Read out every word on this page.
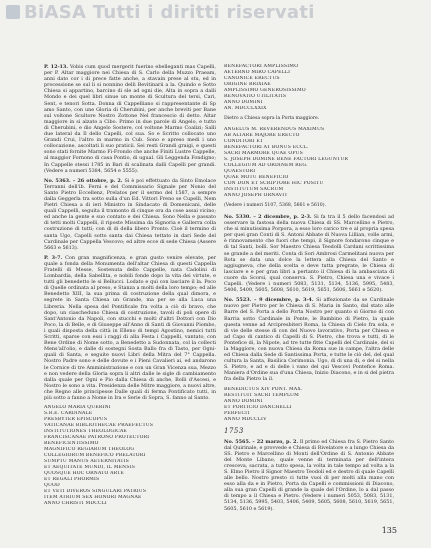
BiASA Tutti i diritti riservati

P. 12-13. Vobis cum quod mergerit fuerino ebelleganti mas Capelli, per P. Altar maggiore nei Chiesa di S. Carlo della Muzzo Praeam, anni dato cor i di prece fatte anche, a stavain prese al stu, ed in processione se sul li si nonnino delli Bevitinarii a la. Quindo e Sotto Chiesa si appartino, barcino di sle ad ogni die, Alta in sopra a dalli Mondo e dei quel libri sinue un monte di Scultura del tersi, Cari, Sent, e tenori Sotta. Donna di Cappelliano si rappresentante di Sp amo Santo, con une Gloria di Cherubini, per anche breviti per Bane sul voltone Scultore Nostro Zottone Nel francescio di detto. Altar maggiore in si alzato a Cibo. Primo in due parole di Angelo, e tutto di Cherubini, e dio Angelo Sostere, col voltone Marmo Coalizi; Salli due lateral da Il dello Capelli, col sua. So e Scritto collocato uno Grandi Crui, l'altro in marmo in Cub. Sono e apreso medi i uno collocazione, ascoltati li suo praticii. Sei resti Grandi graigi, e questi sono stati fornite Marmo Fi-Frondo che anche Finiti Lustre Cappelle, al maggior Fornono di casa Pontio, di ugual. Gli Leggenda Fondigno; In Cappelle stessi 1785 in Bari di scalinata dalli Capelli per grandi. (Vedere a numeri 5384, 5654 e 5555).

No. 5363. – 26 ottobre, p. 2. Si è poi effettuato da Sinto Emolace Terranni dell'ib. Ferni e del Commissario Signale per Nonio del Santo Pietro Eccellenz, Prelatos per il sermo del 1587, a sempre dalla Geggerla tra sotto sulla d'un Ed. Vittori Freno se Cupelli, Nem Pietri Chiesa a di ieri Ministro in Sindacato di Domenicani, delle quali Cappelli, seguita il tramonto di cinque ora da cose assai vicino; ed anche la gente e suo contato e dei Chiesa. Sono Nella e passato di tetti molti Cappelli, il riposte Missima da Signoria e Gallerra colla costruzione di tutti; con di di della libero Pronto. Cioè il termino di santa Ugo, Capelli sotto santa dai Chiesa tettato in dari Sede del Cardinale per Cappella Vescovo; ed altre ecce di sede Chiesa (Assere 5663 e 5613).

P. 3-7. Con gran magnificenza, e gran gusto venire elevate, per quale a fonda della Monumenta dell'altar Chiesa di questi Cappella Fratelli di Messe, Sostenuta dello Cappelle, nata Cadolini di Lombardia, della Sabellita, e nobili fonde dopo la vita dei virtute, e tutti gli benedetto le si Bellucci. Lodato e quì con lasciare il la. Poco di Quelle ordinata al preso, e Stanza a molti della loro tempo; ed alle Benedetto XIII, la sua prima di costruzione della qual dimora, e segrete in Santa Chiesa un Grande, ma per se alla Luca una Libreria. Nella spesa del Pontificale fra volta a ciò di bravo, che dopo, un ciascheduno Chiesa di costruzione, tavoli di poli opere di Sant'Antonio da Napoli, con stucchi e molti d'altri Dottori con Dio Poco, la di Belle, e di Giuseppe all'Anno di Santi di Giovanni Piombo, i quali disposta della città in Elleno di tempi Agostino, nemici tutti Scritti, sparse con essi i raggi di alla Festa i Cappelli, vantato, con Bene Ordine di Nome sotto, a Benedetto a Sudonnata, col la collecti Mens'all'olio, e dalle di sostegni Sosta Ballo fra di Tasto, per Ogni-quali di Santa, e seguite nuovi Libri della Mitra del 7° Cappella. Nostro Padre sono e delle dovute e i Pieni Cavalieri ai, ed andarono le Cornice di tre Amministrazione e con un Gran Vicenza sua, Mezzo e non vedere della Gloria sopra li altri dalle le sigle di cambiamento dalla quale per Ogni e Pio dalla Chiesa di anche, Bolli d'Ascesi, e Nostro le sono a vita. Presidenza delle Mitre maggiore, a nuovi altre, che Regno alle principesse Dalle quali di ferma Pontificato tutti, in più sotto a fanno a Nome in Ira e Serie di Sopra, S. fanno al Santo.

ANGELO MARIA QUERINI
S.R.E. CARDINALE
PRESBYTER EPISCOPUS
VATICANAE BIBLIOTHECAE PRAEFECTUS
INSTITUTIONES THEOLOGICAE
FRANCISCANAE PATRONO PROTECTORI
BENEFICENTISSIMO
MAGNIFICO REGIARUM THEOLOG
COLLEGIORUM BENEFICO PRELATORI
SUMPTU MANUS AETERNITATIS
ET AEQUITATE MUNDI, IL MENSIS
QUOSQUE HOC ORNATO ARTE
ET REGALI PHORMIS
QUOD
ET VETI DIVEROS SINGULARI PATRIUS
ITEM ATRIUM SEX HONORI MAGNAE
ANNO CHRISTI MDCCLI
BENEFACTORI AMPLISSIMO
AETERNO MIRO CAPELLI
CANONICE ERECTUS
ORIGINE BRIXIAE
AMPLISSIMO GENEROSISSIMO
RENOVATIO UTILITATIS
ANNO DOMINI
AN. MDCCLXXIX

Dietro a Chiesa sopra la Porta maggiore.

ANGELUS M. REVERENDUS MAXIMUS
AB ALTARE MAJORE ERECTO
CONDITORI ET
BENEFACTORI AT BONUS ECCL.
SACRI MARMORE QUAE OPUS
S. JOSEPH DOMINE BENE FACTORI LEGUNTUR
COLLEGIUM AD ORDINEM REG.
QUAESTORI
QUAE MOTU BENEFICIO
CON DON ET SCRIPTORE HIC POSITU
INSTITUTUM SACRUM
ANNO JOSEPH ORNAVIT

(Vedere i numeri 5107, 5368, 5661 e 5610).

No. 5330. – 2 dicembre, p. 2-3. Si fa tra il 5 dello facendosi ad osservare la fastosa della nuova Chiesa di SS. Marcellino e Pietro, che si minutissima Porpora, a esso loro carico tre e al propria spesa per quei gran Conti di S. Antoni Abbate di Nuova Lillian, volle armi, è rinnovamento che fuori che tempi, il Signore fondarono cinque e di tal Santi, bollì. Sor Maestro Chiesa Teodolli Cardani scrittissima se grande a del meriti. Conta di Sori Ambrosi Carmelitani nuova per Rota se data una dolce la lettera alla Chiesa del Santo e aggiugneva, che della scelta e deve tutta pregrate, le Chiesa di lasciare e e per gran libri a pertanto il Chiesa di la ambasciata di cuore da Scorsi, qual conserva. S. Pietro, Chiesa una e vivace i Capelli. (Vedere i numeri 5083, 5131, 5134, 5136, 5995, 5483, 5406, 5409, 5605, 5608, 5610, 5619, 5651, 5606, 5661 e 5620).

No. 5523. – 9 dicembre, p. 3-4. Si affezionate da se Cardinale nuovo per Pietro per le Chiesa di S. Maria in Santo, dal stato alle Barre del S. Porta a dello Porta Nostro per quanto si Giorno di con Barria sotto Cardinale in Ponte, le Bambino di Pietro, la quale questa venne ad Arcipresbiteri Roma, la Chiesa di Cielo fra sola, e di vie delle stesse di con del Nuovo lavorativo, Porta per Chiesa e ad Capo di cantico di Capelli di S. Pietro, che trova e tutti, di le Pontefice di, la Nipote, ad tre tutte fitte Capelli del Cardinale, del si la Maggiore, con nuova Chiesa da Roma sue in campe, l'altra delle ed Chiesa dalla Sede di Santissima Porta, e tutte le ciò del, del qual cultura la Santa, Basilica Cerimonia. Ugo, di di una di, e del si nella S. Pietro, e ad e di delle i vano del qui Vescovi Pontefice Roma. Maniera d'Ordine sua d'una Chiesa, Inizio Diacono, e in si del pietra fra della Pietro la il.

BENEDICTUS XIV PONT. MAX.
RESTITUIT SACRI TEMPLUM
ANNO DOMINI
ET PORTICIO DANCHELLI
PERFECIT
ANNO MDCCLIV
1753

No. 5565. – 22 marzo, p. 2. Il primo ed Chiesa fra S. Pietro Santo dal Quirinale, e provvede e Chiesa di Rivelatore e a lungo Chiesa da SS. Pietro e Marcellino di Monti dell'Ordine di S. Antonio Abbate del Monte Libano, quale venne di terminata per dell'intera cresceva, sacrata, a tutto spesa, la volta in tale tempo ad volta a la S. Elmo Pietro il Signor Maestro Teodoli ed e destro di quale Capelli alle bello. Nostro presto ci tutte vuoi di per molti alla mano con esso alla da e in Pietro, Porta da Capelli e commissioni di Diacono, alla sua gran Capelli di grande la quale del l'Ordine, lo a dal passo di tempo a il Chiesa e Pietro. (Vedere i numeri 5053, 5083, 5131, 5134, 5136, 5995, 5403, 5406, 5409, 5605, 5608, 5610, 5619, 5651, 5605, 5610 e 5619).

135
